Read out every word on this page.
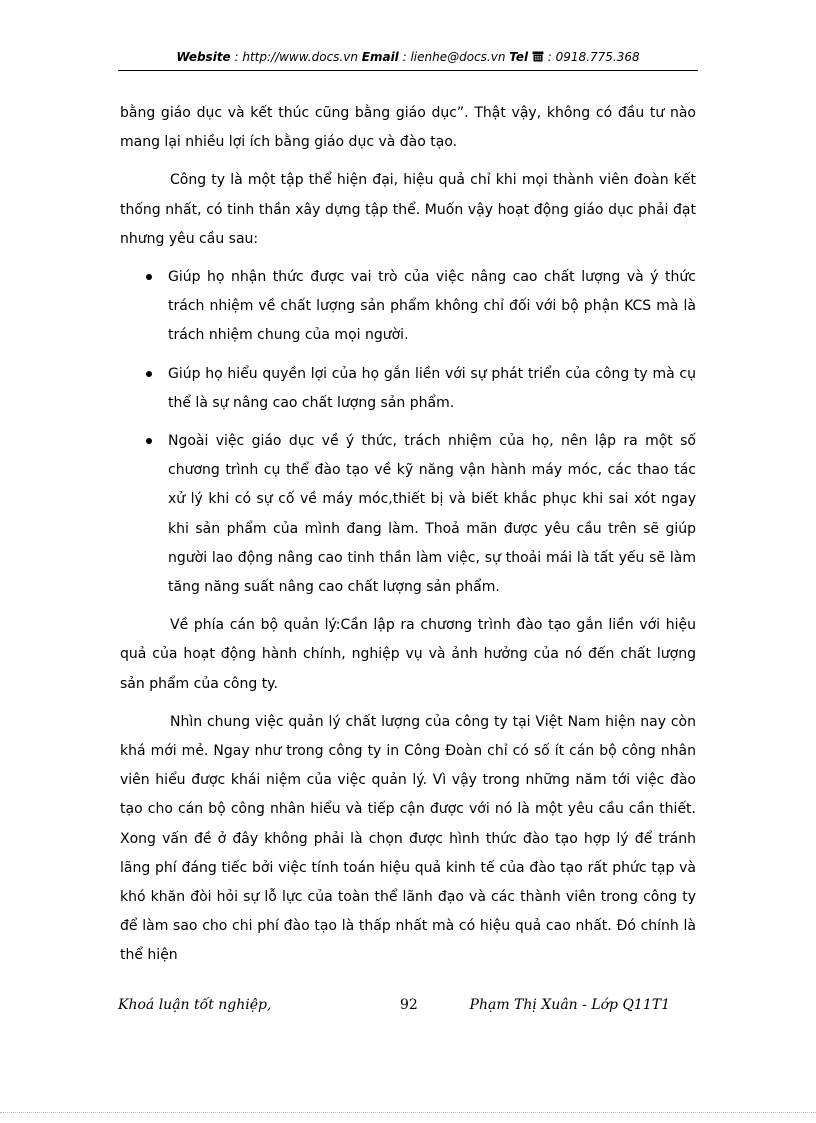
Website : http://www.docs.vn Email : lienhe@docs.vn Tel  : 0918.775.368

bằng giáo dục và kết thúc cũng bằng giáo dục”. Thật vậy, không có đầu tư nào mang lại nhiều lợi ích bằng giáo dục và đào tạo.

Công ty là một tập thể hiện đại, hiệu quả chỉ khi mọi thành viên đoàn kết thống nhất, có tinh thần xây dựng tập thể. Muốn vậy hoạt động giáo dục phải đạt nhưng yêu cầu sau:

Giúp họ nhận thức được vai trò của việc nâng cao chất lượng và ý thức trách nhiệm về chất lượng sản phẩm không chỉ đối với bộ phận KCS mà là trách nhiệm chung của mọi người.
Giúp họ hiểu quyền lợi của họ gắn liền với sự phát triển của công ty mà cụ thể là sự nâng cao chất lượng sản phẩm.
Ngoài việc giáo dục về ý thức, trách nhiệm của họ, nên lập ra một số chương trình cụ thể đào tạo về kỹ năng vận hành máy móc, các thao tác xử lý khi có sự cố về máy móc,thiết bị và biết khắc phục khi sai xót ngay khi sản phẩm của mình đang làm. Thoả mãn được yêu cầu trên sẽ giúp người lao động nâng cao tinh thần làm việc, sự thoải mái là tất yếu sẽ làm tăng năng suất nâng cao chất lượng sản phẩm.

Về phía cán bộ quản lý:Cần lập ra chương trình đào tạo gắn liền với hiệu quả của hoạt động hành chính, nghiệp vụ và ảnh hưởng của nó đến chất lượng sản phẩm của công ty.

Nhìn chung việc quản lý chất lượng của công ty tại Việt Nam hiện nay còn khá mới mẻ. Ngay như trong công ty in Công Đoàn chỉ có số ít cán bộ công nhân viên hiểu được khái niệm của việc quản lý. Vì vậy trong những năm tới việc đào tạo cho cán bộ công nhân hiểu và tiếp cận được với nó là một yêu cầu cần thiết. Xong vấn đề ở đây không phải là chọn được hình thức đào tạo hợp lý để tránh lãng phí đáng tiếc bởi việc tính toán hiệu quả kinh tế của đào tạo rất phức tạp và khó khăn đòi hỏi sự lỗ lực của toàn thể lãnh đạo và các thành viên trong công ty để làm sao cho chi phí đào tạo là thấp nhất mà có hiệu quả cao nhất. Đó chính là thể hiện

Khoá luận tốt nghiệp,	92	Phạm Thị Xuân - Lớp Q11T1
